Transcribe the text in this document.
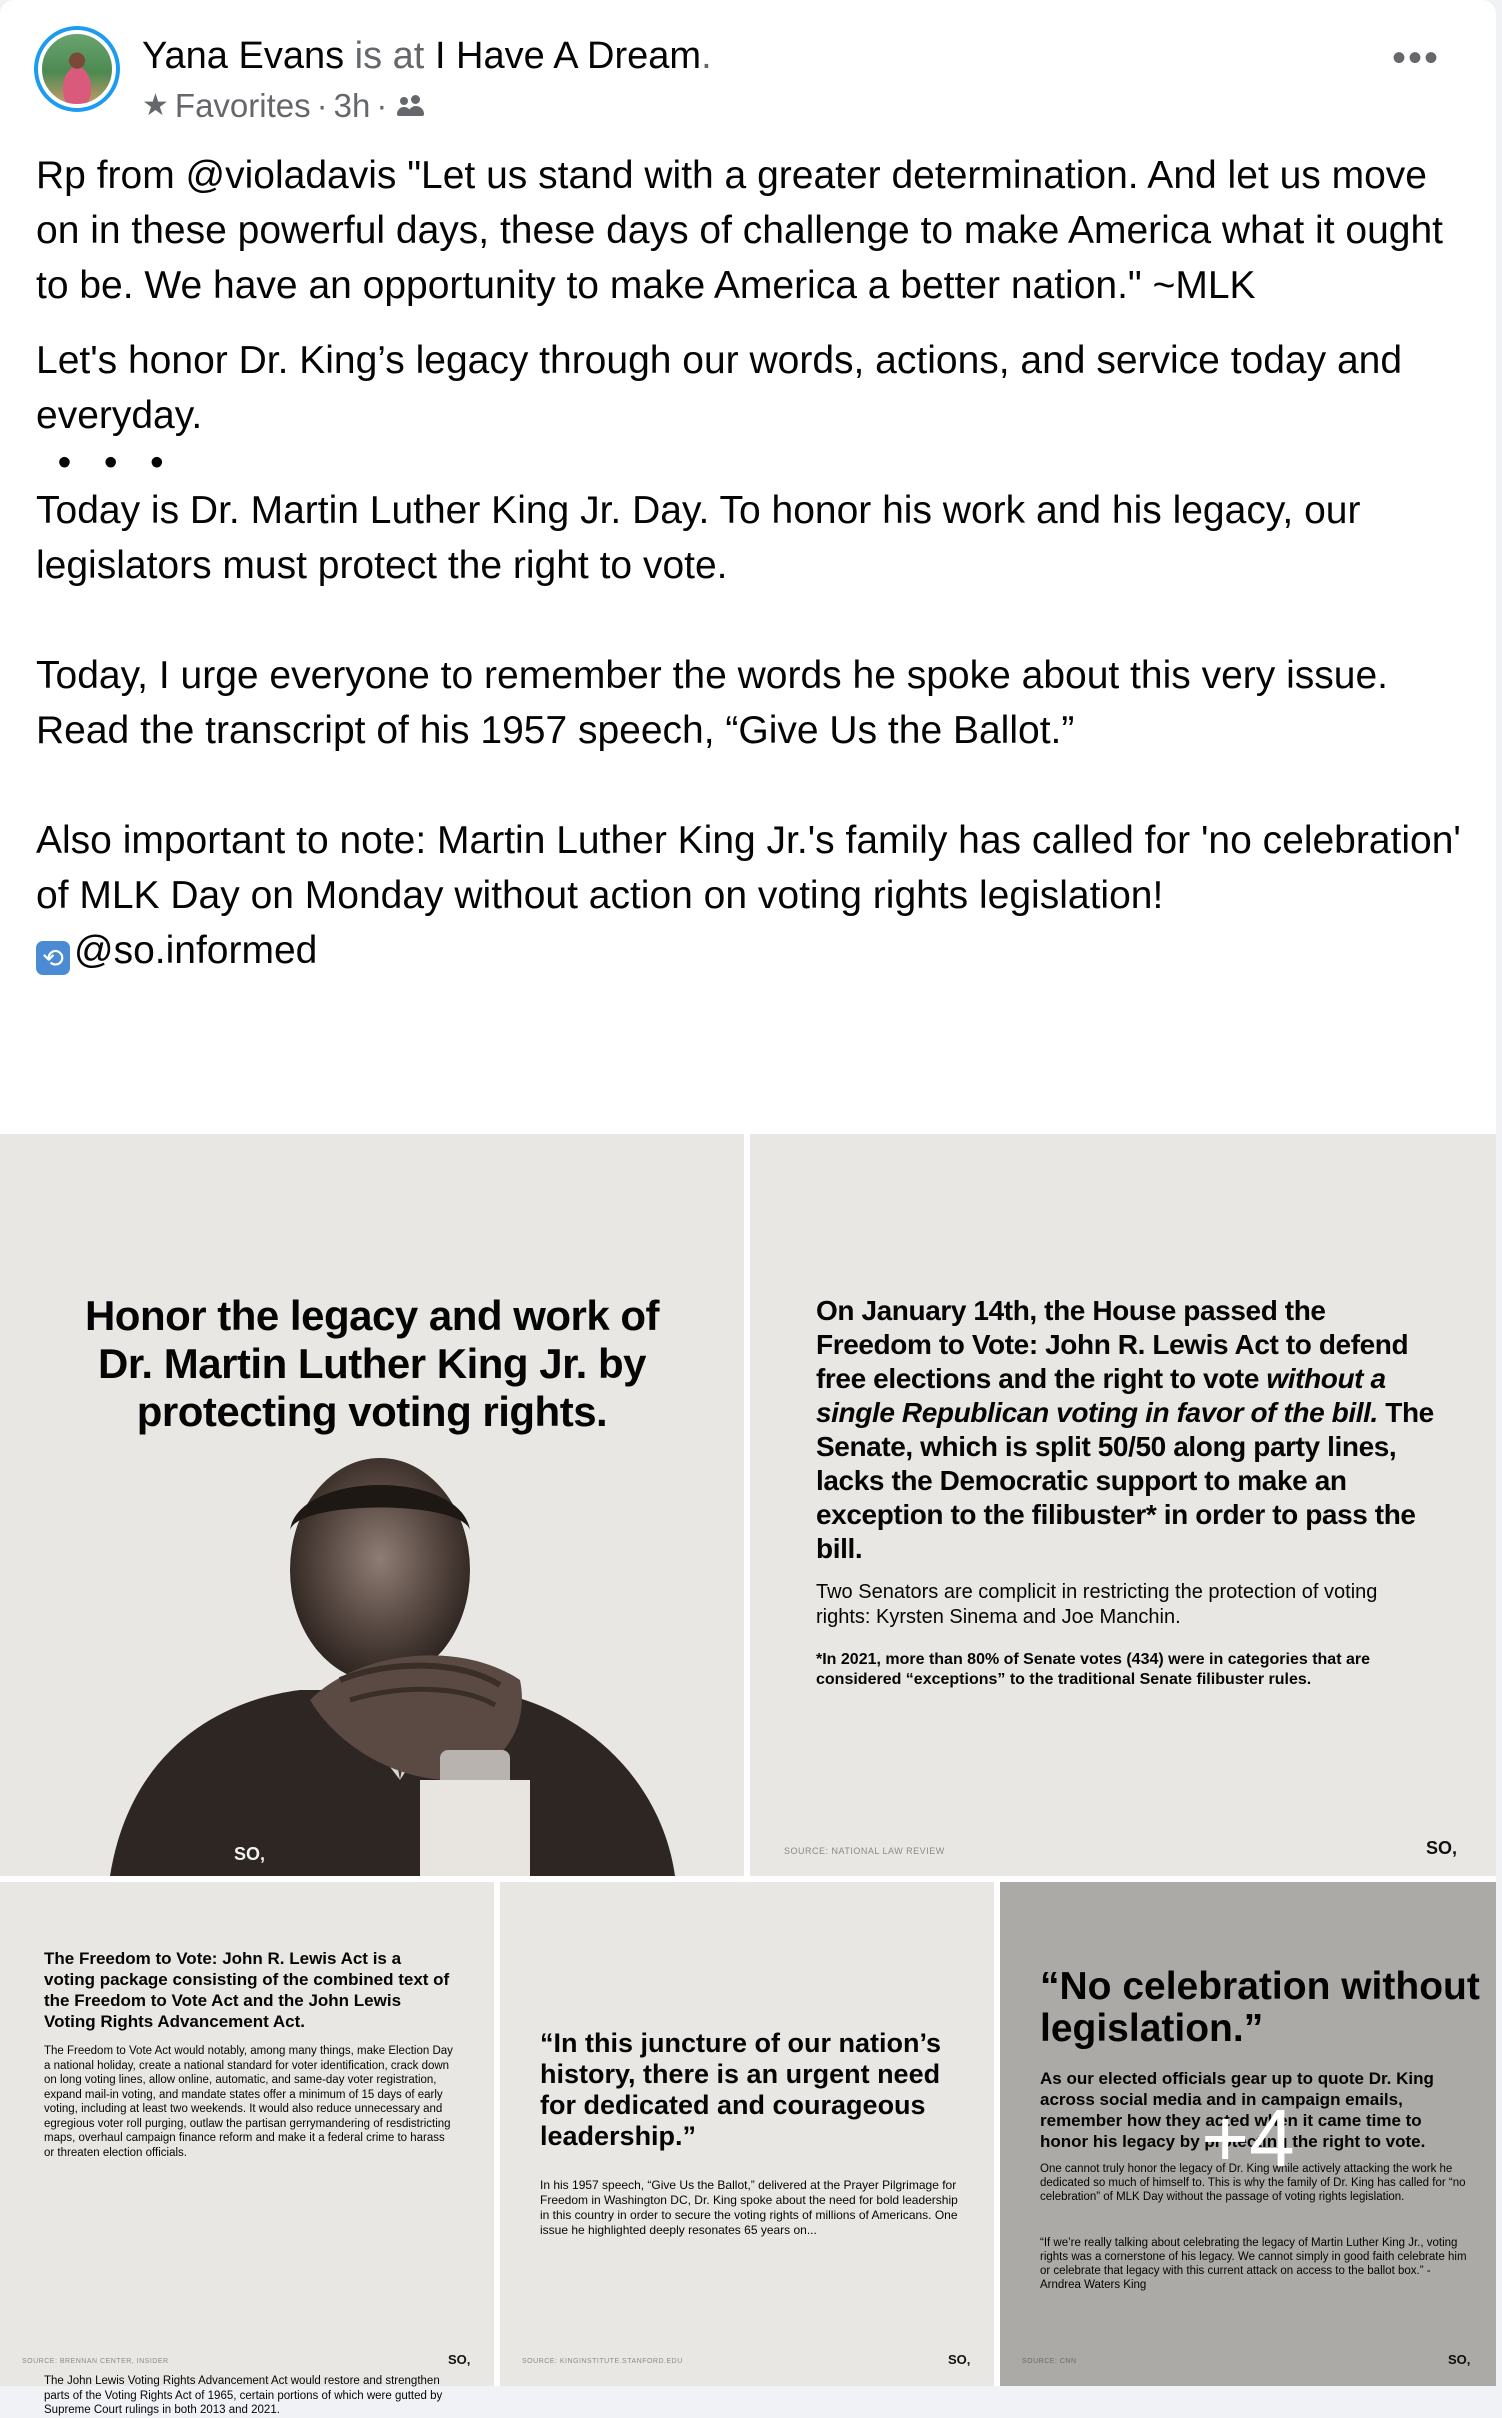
Yana Evans is at I Have A Dream.
★ Favorites · 3h ·
•••

Rp from @violadavis "Let us stand with a greater determination. And let us move on in these powerful days, these days of challenge to make America what it ought to be. We have an opportunity to make America a better nation." ~MLK

Let's honor Dr. King’s legacy through our words, actions, and service today and everyday.

•   •   •

Today is Dr. Martin Luther King Jr. Day. To honor his work and his legacy, our legislators must protect the right to vote.

Today, I urge everyone to remember the words he spoke about this very issue. Read the transcript of his 1957 speech, “Give Us the Ballot.”

Also important to note: Martin Luther King Jr.'s family has called for 'no celebration' of MLK Day on Monday without action on voting rights legislation!

⟲ @so.informed

Honor the legacy and work of Dr. Martin Luther King Jr. by protecting voting rights.
SO,
On January 14th, the House passed the Freedom to Vote: John R. Lewis Act to defend free elections and the right to vote without a single Republican voting in favor of the bill. The Senate, which is split 50/50 along party lines, lacks the Democratic support to make an exception to the filibuster* in order to pass the bill.
Two Senators are complicit in restricting the protection of voting rights: Kyrsten Sinema and Joe Manchin.
*In 2021, more than 80% of Senate votes (434) were in categories that are considered “exceptions” to the traditional Senate filibuster rules.
SOURCE: NATIONAL LAW REVIEW	SO,
The Freedom to Vote: John R. Lewis Act is a voting package consisting of the combined text of the Freedom to Vote Act and the John Lewis Voting Rights Advancement Act.
The Freedom to Vote Act would notably, among many things, make Election Day a national holiday, create a national standard for voter identification, crack down on long voting lines, allow online, automatic, and same-day voter registration, expand mail-in voting, and mandate states offer a minimum of 15 days of early voting, including at least two weekends. It would also reduce unnecessary and egregious voter roll purging, outlaw the partisan gerrymandering of resdistricting maps, overhaul campaign finance reform and make it a federal crime to harass or threaten election officials.
The John Lewis Voting Rights Advancement Act would restore and strengthen parts of the Voting Rights Act of 1965, certain portions of which were gutted by Supreme Court rulings in both 2013 and 2021.
SOURCE: BRENNAN CENTER, INSIDER	SO,
“In this juncture of our nation’s history, there is an urgent need for dedicated and courageous leadership.”
In his 1957 speech, “Give Us the Ballot,” delivered at the Prayer Pilgrimage for Freedom in Washington DC, Dr. King spoke about the need for bold leadership in this country in order to secure the voting rights of millions of Americans. One issue he highlighted deeply resonates 65 years on...
SOURCE: KINGINSTITUTE.STANFORD.EDU	SO,
“No celebration without legislation.”
As our elected officials gear up to quote Dr. King across social media and in campaign emails, remember how they acted when it came time to honor his legacy by protecting the right to vote.
One cannot truly honor the legacy of Dr. King while actively attacking the work he dedicated so much of himself to. This is why the family of Dr. King has called for “no celebration” of MLK Day without the passage of voting rights legislation.
“If we’re really talking about celebrating the legacy of Martin Luther King Jr., voting rights was a cornerstone of his legacy. We cannot simply in good faith celebrate him or celebrate that legacy with this current attack on access to the ballot box.” - Arndrea Waters King
SOURCE: CNN	SO,
+4
